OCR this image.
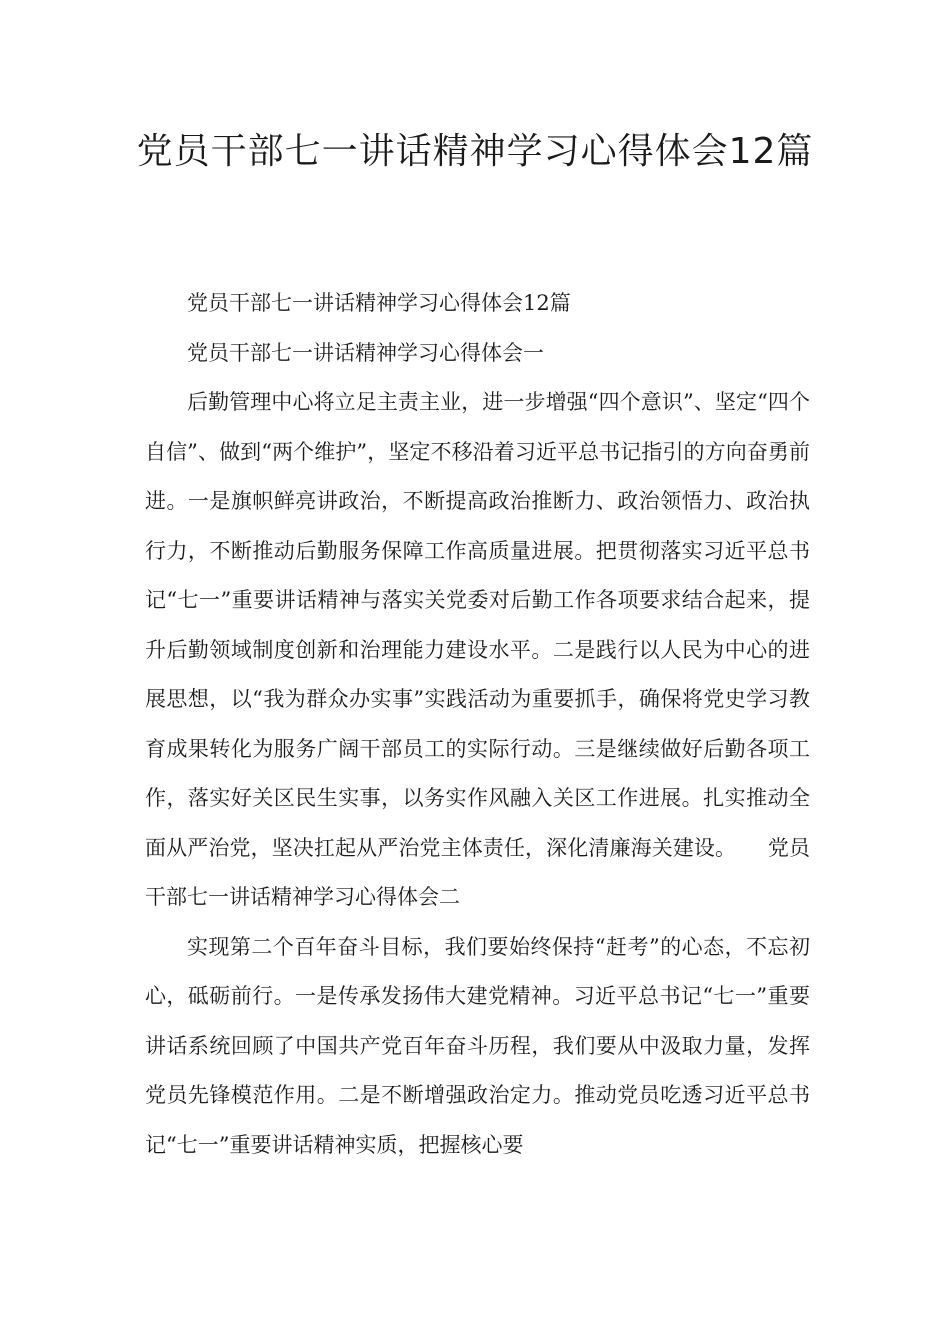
党员干部七一讲话精神学习心得体会12篇

党员干部七一讲话精神学习心得体会12篇

党员干部七一讲话精神学习心得体会一

后勤管理中心将立足主责主业，进一步增强“四个意识”、坚定“四个自信”、做到“两个维护”，坚定不移沿着习近平总书记指引的方向奋勇前进。一是旗帜鲜亮讲政治，不断提高政治推断力、政治领悟力、政治执行力，不断推动后勤服务保障工作高质量进展。把贯彻落实习近平总书记“七一”重要讲话精神与落实关党委对后勤工作各项要求结合起来，提升后勤领域制度创新和治理能力建设水平。二是践行以人民为中心的进展思想，以“我为群众办实事”实践活动为重要抓手，确保将党史学习教育成果转化为服务广阔干部员工的实际行动。三是继续做好后勤各项工作，落实好关区民生实事，以务实作风融入关区工作进展。扎实推动全面从严治党，坚决扛起从严治党主体责任，深化清廉海关建设。　　党员干部七一讲话精神学习心得体会二

实现第二个百年奋斗目标，我们要始终保持“赶考”的心态，不忘初心，砥砺前行。一是传承发扬伟大建党精神。习近平总书记“七一”重要讲话系统回顾了中国共产党百年奋斗历程，我们要从中汲取力量，发挥党员先锋模范作用。二是不断增强政治定力。推动党员吃透习近平总书记“七一”重要讲话精神实质，把握核心要
